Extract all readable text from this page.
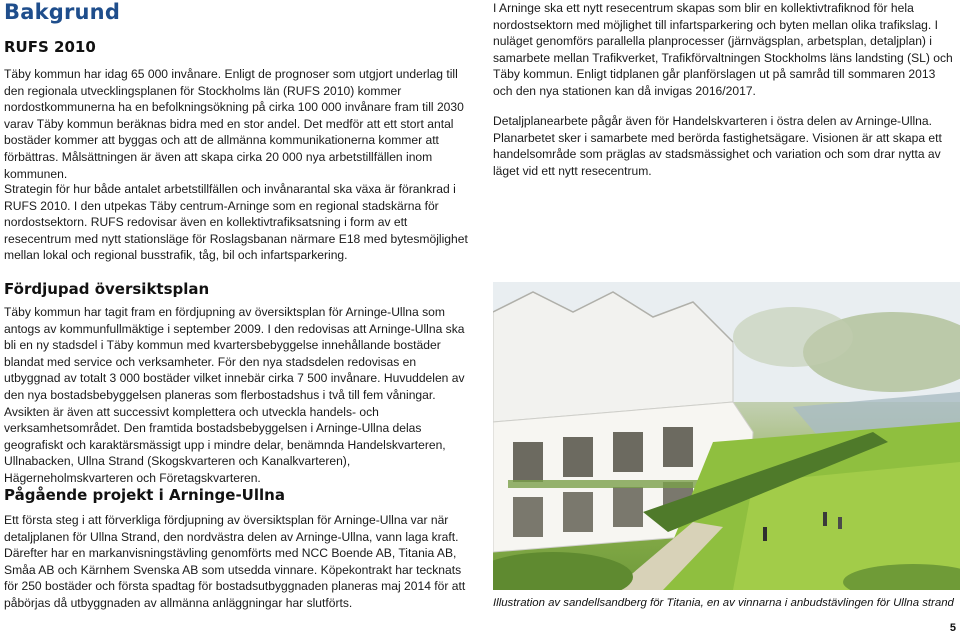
Bakgrund
RUFS 2010

Täby kommun har idag 65 000 invånare. Enligt de prognoser som utgjort underlag till den regionala utvecklingsplanen för Stockholms län (RUFS 2010) kommer nordostkommunerna ha en befolkningsökning på cirka 100 000 invånare fram till 2030 varav Täby kommun beräknas bidra med en stor andel. Det medför att ett stort antal bostäder kommer att byggas och att de allmänna kommunikationerna kommer att förbättras. Målsättningen är även att skapa cirka 20 000 nya arbetstillfällen inom kommunen.

Strategin för hur både antalet arbetstillfällen och invånarantal ska växa är förankrad i RUFS 2010. I den utpekas Täby centrum-Arninge som en regional stadskärna för nordostsektorn. RUFS redovisar även en kollektivtrafiksatsning i form av ett resecentrum med nytt stationsläge för Roslagsbanan närmare E18 med bytesmöjlighet mellan lokal och regional busstrafik, tåg, bil och infartsparkering.

Fördjupad översiktsplan

Täby kommun har tagit fram en fördjupning av översiktsplan för Arninge-Ullna som antogs av kommunfullmäktige i september 2009. I den redovisas att Arninge-Ullna ska bli en ny stadsdel i Täby kommun med kvartersbebyggelse innehållande bostäder blandat med service och verksamheter. För den nya stadsdelen redovisas en utbyggnad av totalt 3 000 bostäder vilket innebär cirka 7 500 invånare. Huvuddelen av den nya bostadsbebyggelsen planeras som flerbostadshus i två till fem våningar. Avsikten är även att successivt komplettera och utveckla handels- och verksamhetsområdet. Den framtida bostadsbebyggelsen i Arninge-Ullna delas geografiskt och karaktärsmässigt upp i mindre delar, benämnda Handelskvarteren, Ullnabacken, Ullna Strand (Skogskvarteren och Kanalkvarteren), Hägerneholmskvarteren och Företagskvarteren.

Pågående projekt i Arninge-Ullna

Ett första steg i att förverkliga fördjupning av översiktsplan för Arninge-Ullna var när detaljplanen för Ullna Strand, den nordvästra delen av Arninge-Ullna, vann laga kraft. Därefter har en markanvisningstävling genomförts med NCC Boende AB, Titania AB, Småa AB och Kärnhem Svenska AB som utsedda vinnare. Köpekontrakt har tecknats för 250 bostäder och första spadtag för bostadsutbyggnaden planeras maj 2014 för att påbörjas då utbyggnaden av allmänna anläggningar har slutförts.

I Arninge ska ett nytt resecentrum skapas som blir en kollektivtrafiknod för hela nordostsektorn med möjlighet till infartsparkering och byten mellan olika trafikslag. I nuläget genomförs parallella planprocesser (järnvägsplan, arbetsplan, detaljplan) i samarbete mellan Trafikverket, Trafikförvaltningen Stockholms läns landsting (SL) och Täby kommun. Enligt tidplanen går planförslagen ut på samråd till sommaren 2013 och den nya stationen kan då invigas 2016/2017.

Detaljplanearbete pågår även för Handelskvarteren i östra delen av Arninge-Ullna. Planarbetet sker i samarbete med berörda fastighetsägare. Visionen är att skapa ett handelsområde som präglas av stadsmässighet och variation och som drar nytta av läget vid ett nytt resecentrum.

Illustration av sandellsandberg för Titania, en av vinnarna i anbudstävlingen för Ullna strand
5
